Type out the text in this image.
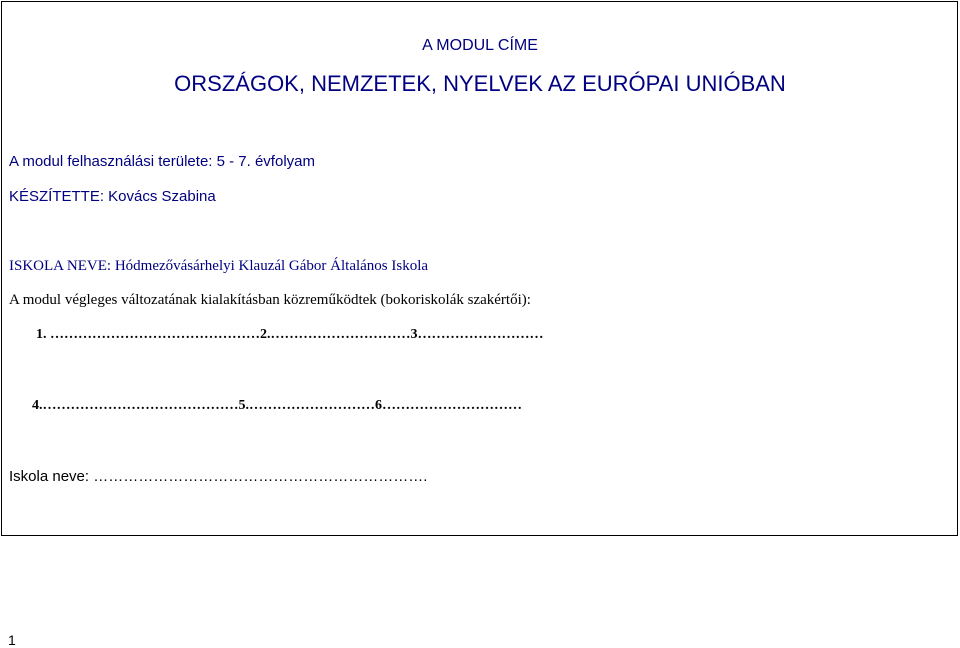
A MODUL CÍME
ORSZÁGOK, NEMZETEK, NYELVEK AZ EURÓPAI UNIÓBAN
A modul felhasználási területe: 5 - 7. évfolyam
KÉSZÍTETTE: Kovács Szabina
ISKOLA NEVE: Hódmezővásárhelyi Klauzál Gábor Általános Iskola
A modul végleges változatának kialakításban közreműködtek (bokoriskolák szakértői):
1. ………………………………………2.…………………………3………………………
4.……………………………………5.………………………6…………………………
Iskola neve: ………………………………………………………….
1
